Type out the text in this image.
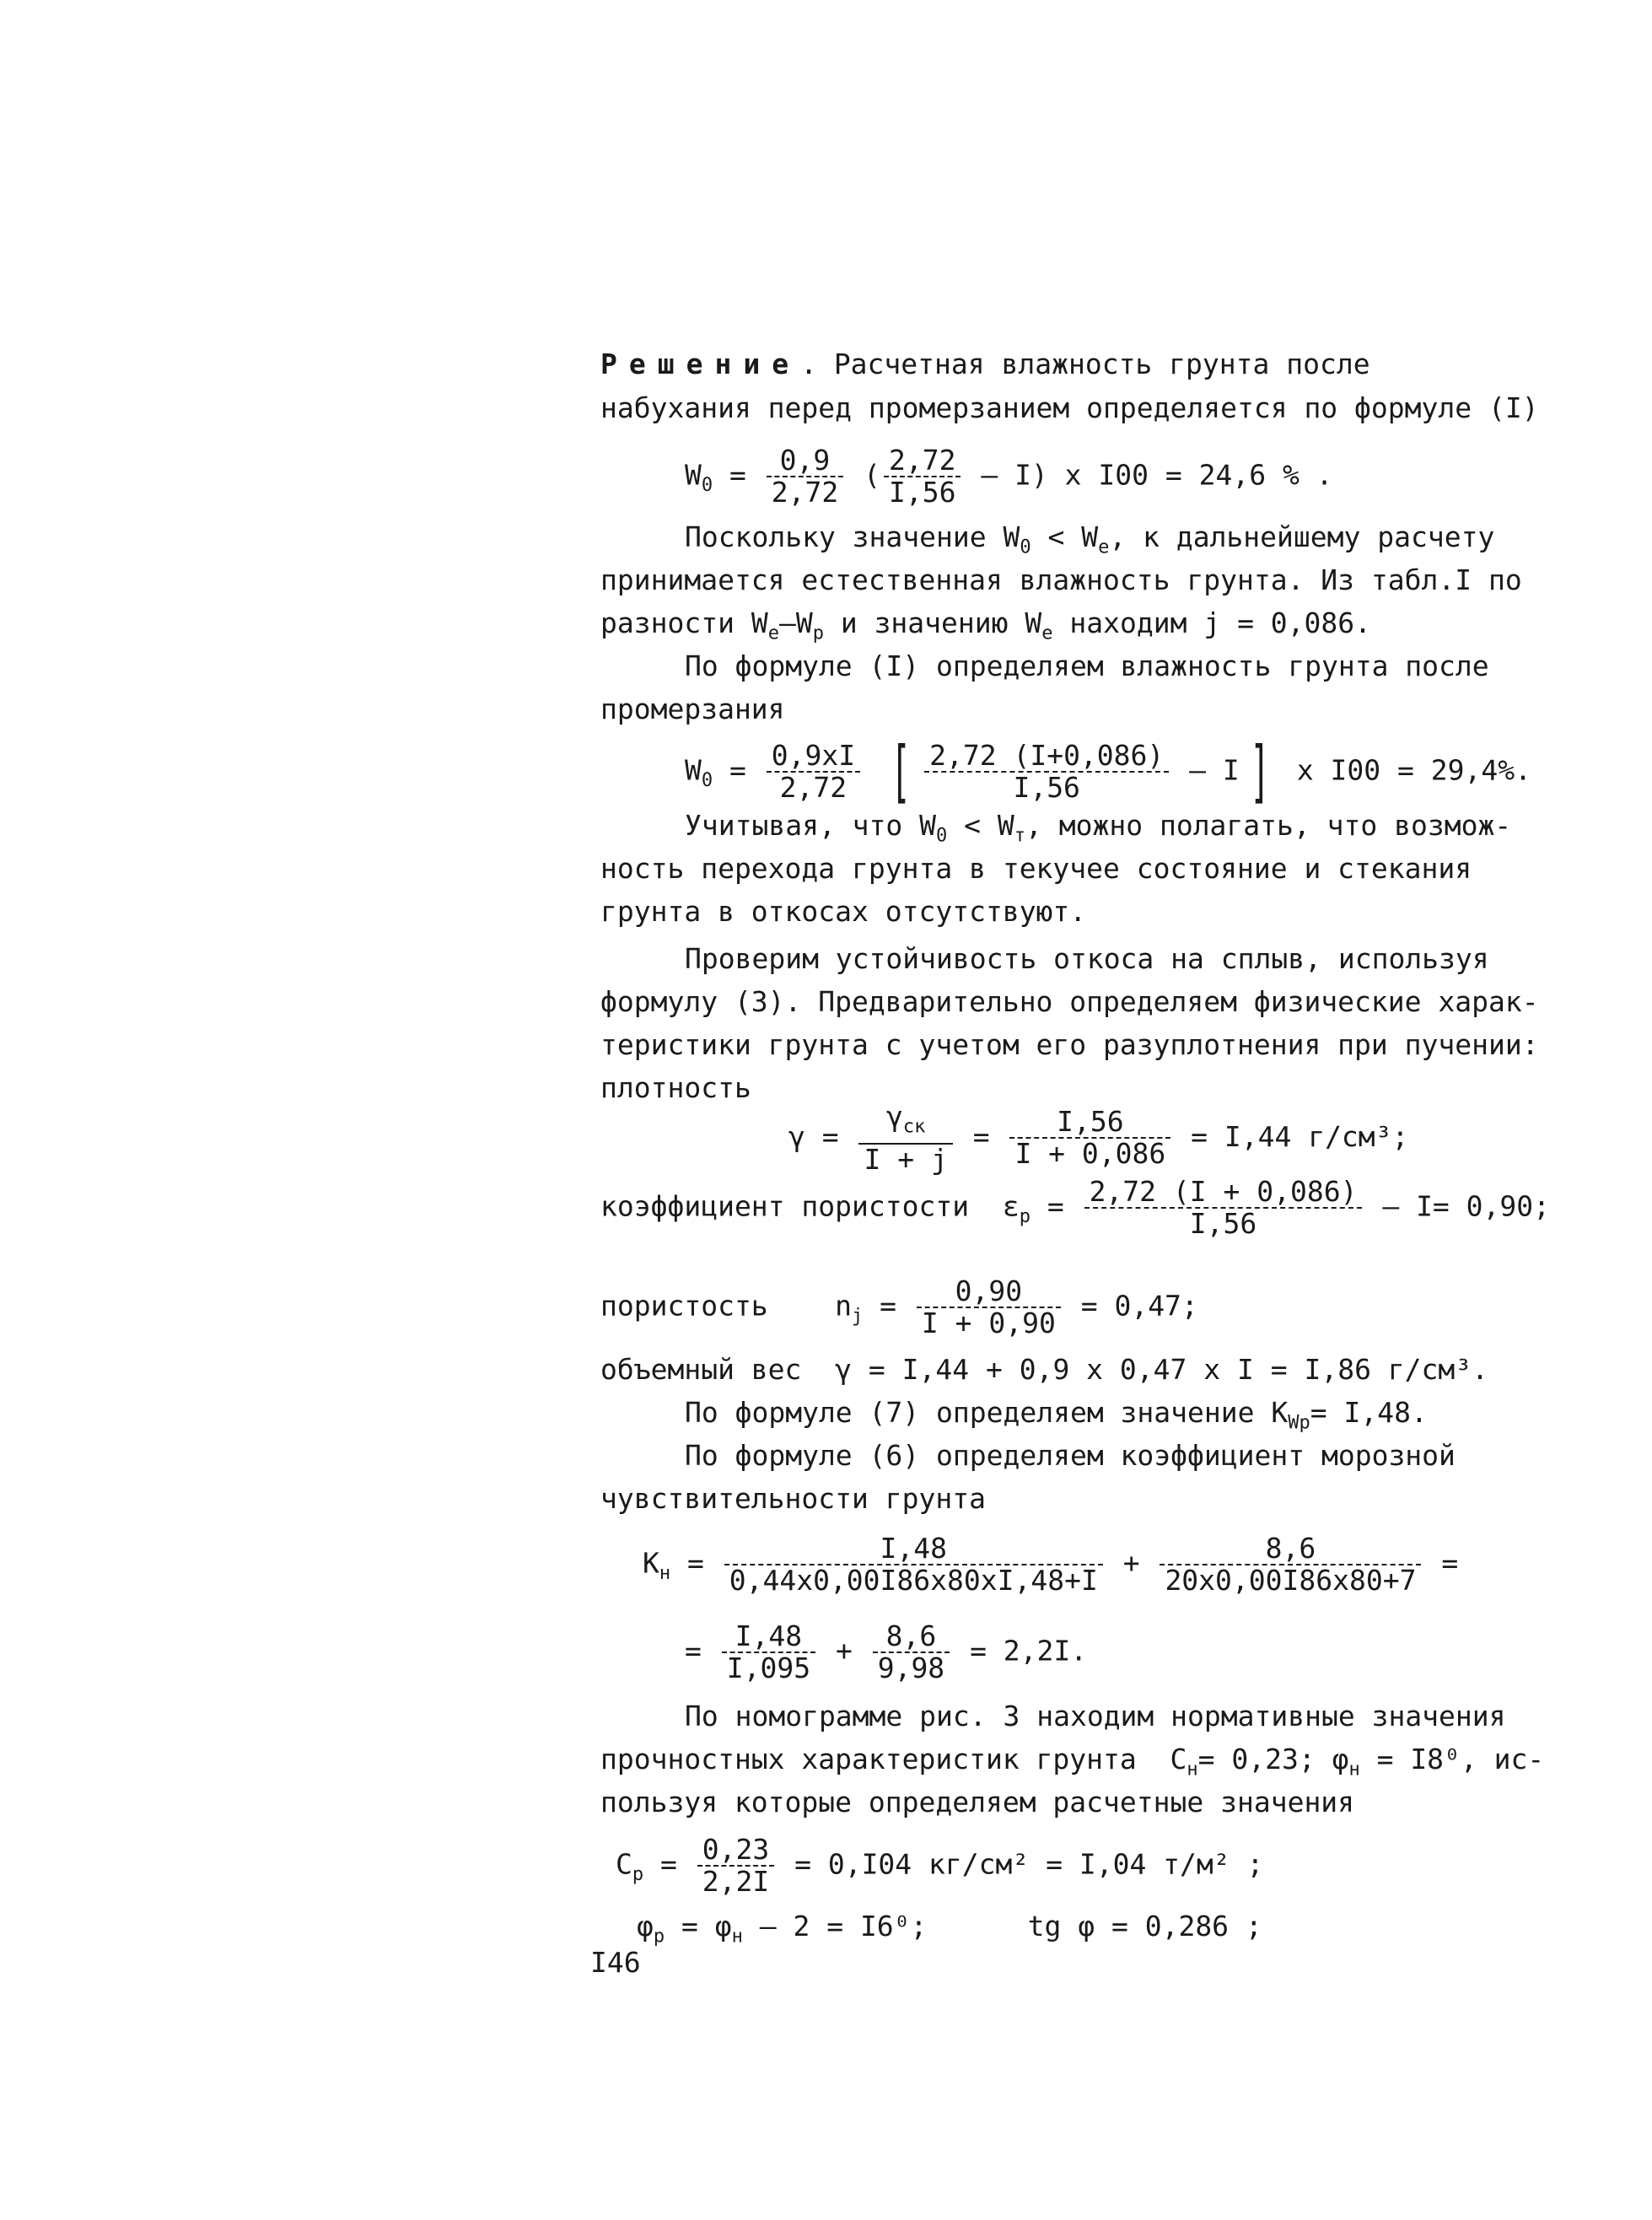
Решение. Расчетная влажность грунта после
набухания перед промерзанием определяется по формуле (I)
$W_0 = \frac{0,9}{2,72}$ ( $\frac{2,72}{I,56} - I$) x I00 = 24,6 % .
Поскольку значение $W_0 < W_e$, к дальнейшему расчету
принимается естественная влажность грунта. Из табл.I по
разности $W_e-W_p$ и значению $W_e$ находим j = 0,086.
По формуле (I) определяем влажность грунта после
промерзания
$W_0 = \frac{0,9xI}{2,72}$ [ $\frac{2,72 (I+0,086)}{I,56}$ – I ] x I00 = 29,4%.
Учитывая, что $W_0 < W_т$, можно полагать, что возмож-
ность перехода грунта в текучее состояние и стекания
грунта в откосах отсутствуют.
Проверим устойчивость откоса на сплыв, используя
формулу (3). Предварительно определяем физические харак-
теристики грунта с учетом его разуплотнения при пучении:
плотность
$\gamma = \frac{\gamma_{ск}}{I + j} = \frac{I,56}{I + 0,086} = I,44$ г/см³;
коэффициент пористости  $\varepsilon_p = \frac{2,72 (I + 0,086)}{I,56} - I= 0,90$;
пористость    $n_j = \frac{0,90}{I + 0,90} = 0,47$;
объемный вес  γ = I,44 + 0,9 x 0,47 x I = I,86 г/см³.
По формуле (7) определяем значение $K_{Wp}= I,48$.
По формуле (6) определяем коэффициент морозной
чувствительности грунта
$K_н = \frac{I,48}{0,44x0,00I86x80xI,48+I} + \frac{8,6}{20x0,00I86x80+7}$ =
= $\frac{I,48}{I,095} + \frac{8,6}{9,98} = 2,2I$.
По номограмме рис. 3 находим нормативные значения
прочностных характеристик грунта  $C_н= 0,23$; $\varphi_н = I8^0$, ис-
пользуя которые определяем расчетные значения
$C_p = \frac{0,23}{2,2I} = 0,I04$ кг/см² = I,04 т/м² ;
$\varphi_p = \varphi_н - 2 = I6^0$;	tg φ = 0,286 ;
I46
